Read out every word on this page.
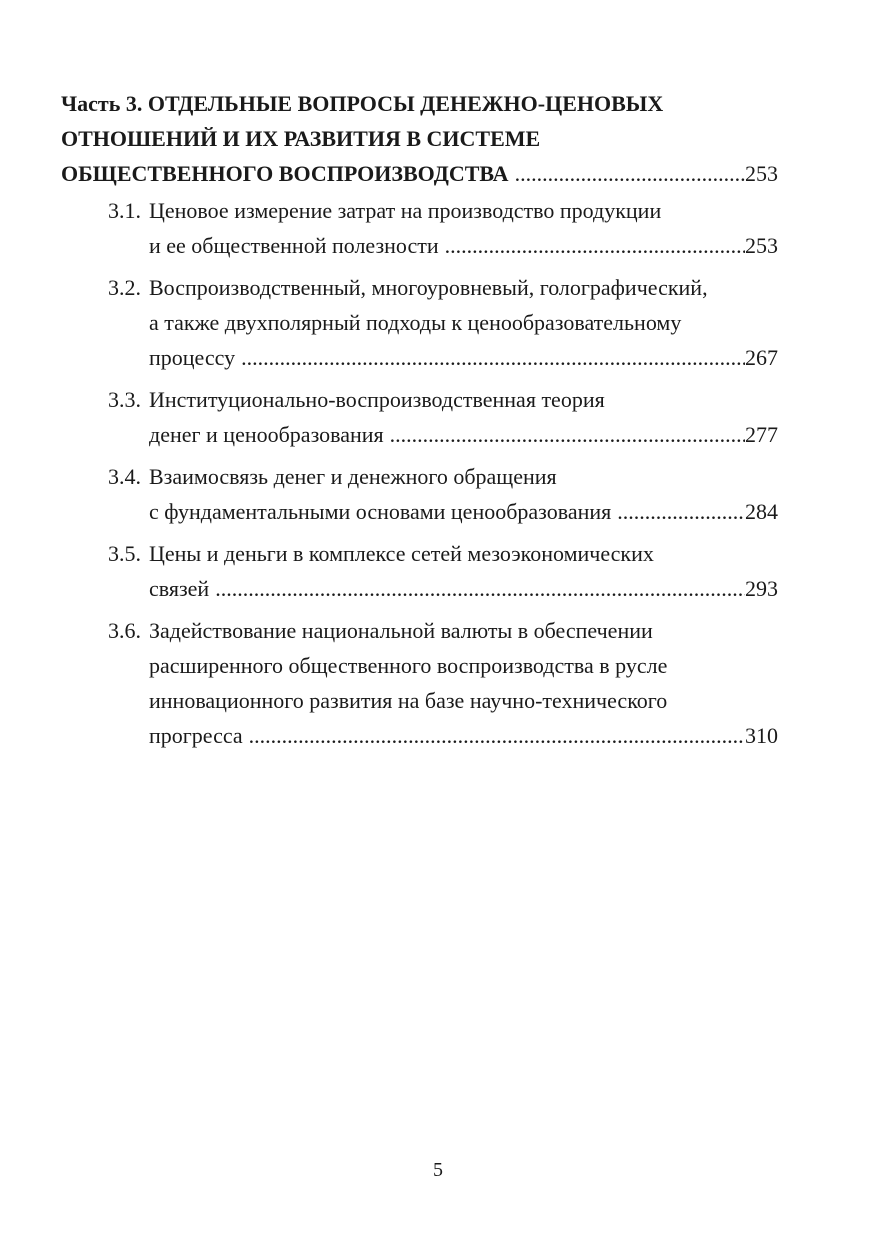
Часть 3. ОТДЕЛЬНЫЕ ВОПРОСЫ ДЕНЕЖНО-ЦЕНОВЫХ
ОТНОШЕНИЙ И ИХ РАЗВИТИЯ В СИСТЕМЕ
ОБЩЕСТВЕННОГО ВОСПРОИЗВОДСТВА .....	253
3.1. Ценовое измерение затрат на производство продукции
и ее общественной полезности .....	253
3.2. Воспроизводственный, многоуровневый, голографический,
а также двухполярный подходы к ценообразовательному
процессу .....	267
3.3. Институционально-воспроизводственная теория
денег и ценообразования .....	277
3.4. Взаимосвязь денег и денежного обращения
с фундаментальными основами ценообразования .....	284
3.5. Цены и деньги в комплексе сетей мезоэкономических
связей .....	293
3.6. Задействование национальной валюты в обеспечении
расширенного общественного воспроизводства в русле
инновационного развития на базе научно-технического
прогресса .....	310
5
